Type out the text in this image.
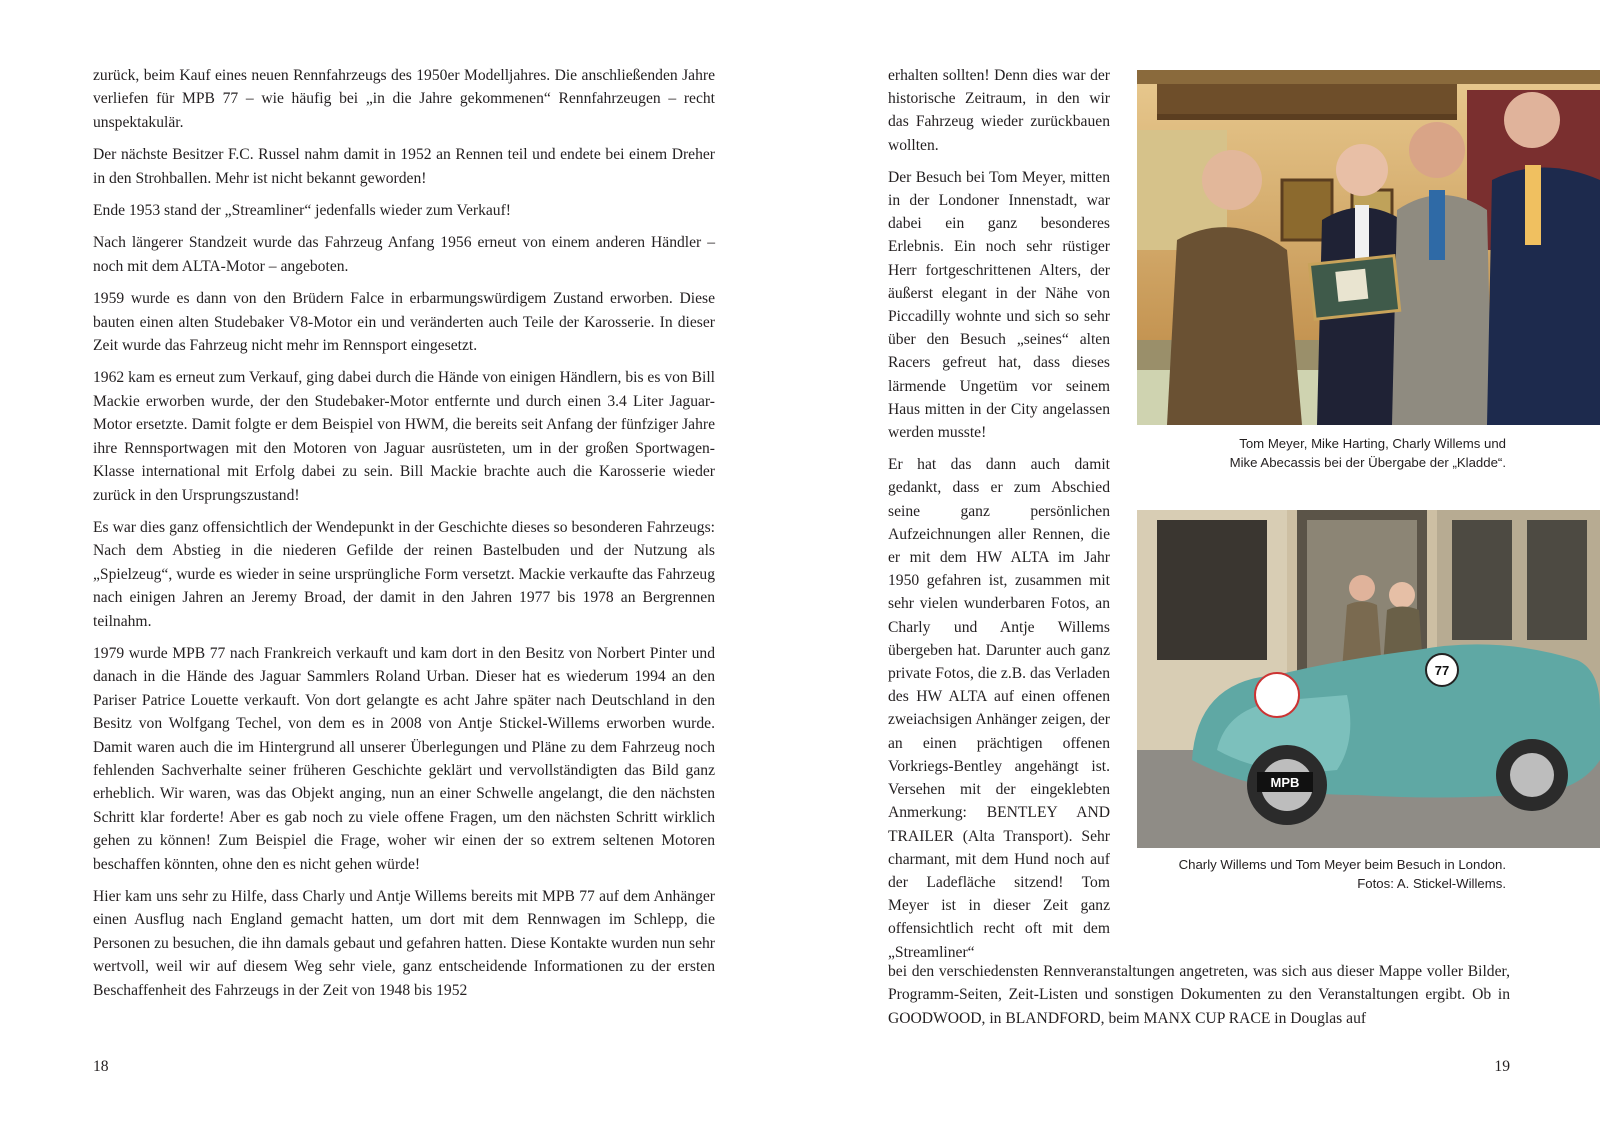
zurück, beim Kauf eines neuen Rennfahrzeugs des 1950er Modelljahres. Die anschließenden Jahre verliefen für MPB 77 – wie häufig bei „in die Jahre gekommenen“ Rennfahrzeugen – recht unspektakulär.

Der nächste Besitzer F.C. Russel nahm damit in 1952 an Rennen teil und endete bei einem Dreher in den Strohballen. Mehr ist nicht bekannt geworden!

Ende 1953 stand der „Streamliner“ jedenfalls wieder zum Verkauf!

Nach längerer Standzeit wurde das Fahrzeug Anfang 1956 erneut von einem anderen Händler – noch mit dem ALTA-Motor – angeboten.

1959 wurde es dann von den Brüdern Falce in erbarmungswürdigem Zustand erworben. Diese bauten einen alten Studebaker V8-Motor ein und veränderten auch Teile der Karosserie. In dieser Zeit wurde das Fahrzeug nicht mehr im Rennsport eingesetzt.

1962 kam es erneut zum Verkauf, ging dabei durch die Hände von einigen Händlern, bis es von Bill Mackie erworben wurde, der den Studebaker-Motor entfernte und durch einen 3.4 Liter Jaguar-Motor ersetzte. Damit folgte er dem Beispiel von HWM, die bereits seit Anfang der fünfziger Jahre ihre Rennsportwagen mit den Motoren von Jaguar ausrüsteten, um in der großen Sportwagen-Klasse international mit Erfolg dabei zu sein. Bill Mackie brachte auch die Karosserie wieder zurück in den Ursprungszustand!

Es war dies ganz offensichtlich der Wendepunkt in der Geschichte dieses so besonderen Fahrzeugs: Nach dem Abstieg in die niederen Gefilde der reinen Bastelbuden und der Nutzung als „Spielzeug“, wurde es wieder in seine ursprüngliche Form versetzt. Mackie verkaufte das Fahrzeug nach einigen Jahren an Jeremy Broad, der damit in den Jahren 1977 bis 1978 an Bergrennen teilnahm.

1979 wurde MPB 77 nach Frankreich verkauft und kam dort in den Besitz von Norbert Pinter und danach in die Hände des Jaguar Sammlers Roland Urban. Dieser hat es wiederum 1994 an den Pariser Patrice Louette verkauft. Von dort gelangte es acht Jahre später nach Deutschland in den Besitz von Wolfgang Techel, von dem es in 2008 von Antje Stickel-Willems erworben wurde. Damit waren auch die im Hintergrund all unserer Überlegungen und Pläne zu dem Fahrzeug noch fehlenden Sachverhalte seiner früheren Geschichte geklärt und vervollständigten das Bild ganz erheblich. Wir waren, was das Objekt anging, nun an einer Schwelle angelangt, die den nächsten Schritt klar forderte! Aber es gab noch zu viele offene Fragen, um den nächsten Schritt wirklich gehen zu können! Zum Beispiel die Frage, woher wir einen der so extrem seltenen Motoren beschaffen könnten, ohne den es nicht gehen würde!

Hier kam uns sehr zu Hilfe, dass Charly und Antje Willems bereits mit MPB 77 auf dem Anhänger einen Ausflug nach England gemacht hatten, um dort mit dem Rennwagen im Schlepp, die Personen zu besuchen, die ihn damals gebaut und gefahren hatten. Diese Kontakte wurden nun sehr wertvoll, weil wir auf diesem Weg sehr viele, ganz entscheidende Informationen zu der ersten Beschaffenheit des Fahrzeugs in der Zeit von 1948 bis 1952

18

erhalten sollten! Denn dies war der historische Zeitraum, in den wir das Fahrzeug wieder zurückbauen wollten.

Der Besuch bei Tom Meyer, mitten in der Londoner Innenstadt, war dabei ein ganz besonderes Erlebnis. Ein noch sehr rüstiger Herr fortgeschrittenen Alters, der äußerst elegant in der Nähe von Piccadilly wohnte und sich so sehr über den Besuch „seines“ alten Racers gefreut hat, dass dieses lärmende Ungetüm vor seinem Haus mitten in der City angelassen werden musste!

Er hat das dann auch damit gedankt, dass er zum Abschied seine ganz persönlichen Aufzeichnungen aller Rennen, die er mit dem HW ALTA im Jahr 1950 gefahren ist, zusammen mit sehr vielen wunderbaren Fotos, an Charly und Antje Willems übergeben hat. Darunter auch ganz private Fotos, die z.B. das Verladen des HW ALTA auf einen offenen zweiachsigen Anhänger zeigen, der an einen prächtigen offenen Vorkriegs-Bentley angehängt ist. Versehen mit der eingeklebten Anmerkung: BENTLEY AND TRAILER (Alta Transport). Sehr charmant, mit dem Hund noch auf der Ladefläche sitzend! Tom Meyer ist in dieser Zeit ganz offensichtlich recht oft mit dem „Streamliner“

Tom Meyer, Mike Harting, Charly Willems und
Mike Abecassis bei der Übergabe der „Kladde“.
MPB
77
Charly Willems und Tom Meyer beim Besuch in London.
Fotos: A. Stickel-Willems.

bei den verschiedensten Rennveranstaltungen angetreten, was sich aus dieser Mappe voller Bilder, Programm-Seiten, Zeit-Listen und sonstigen Dokumenten zu den Veranstaltungen ergibt. Ob in GOODWOOD, in BLANDFORD, beim MANX CUP RACE in Douglas auf

19
